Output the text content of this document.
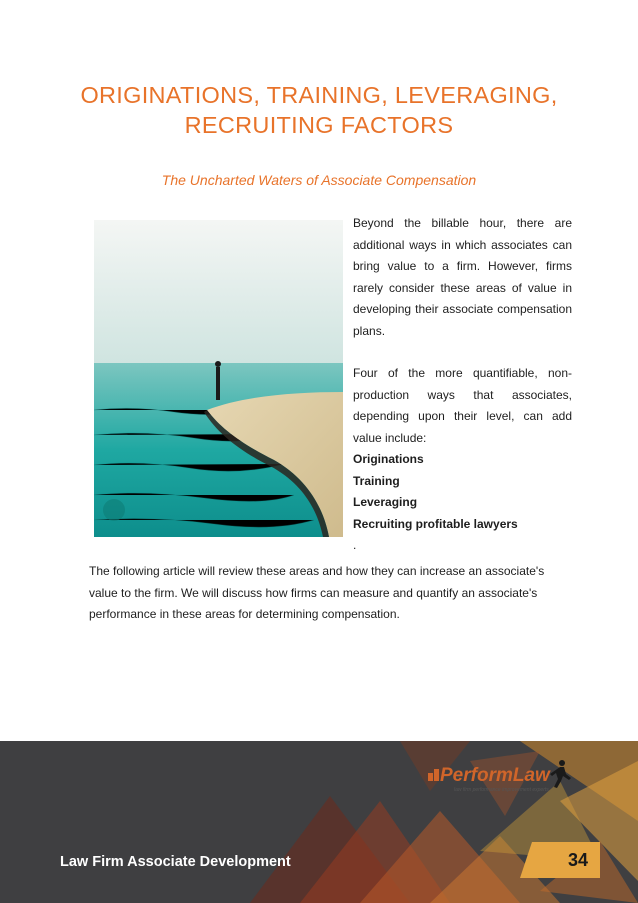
ORIGINATIONS, TRAINING, LEVERAGING,
RECRUITING FACTORS
The Uncharted Waters of Associate Compensation

Beyond the billable hour, there are additional ways in which associates can bring value to a firm. However, firms rarely consider these areas of value in developing their associate compensation plans.

Four of the more quantifiable, non-production ways that associates, depending upon their level, can add value include:

Originations
Training
Leveraging
Recruiting profitable lawyers
.
The following article will review these areas and how they can increase an associate's value to the firm. We will discuss how firms can measure and quantify an associate's performance in these areas for determining compensation.
PerformLaw
law firm performance improvement experts
Law Firm Associate Development	34
